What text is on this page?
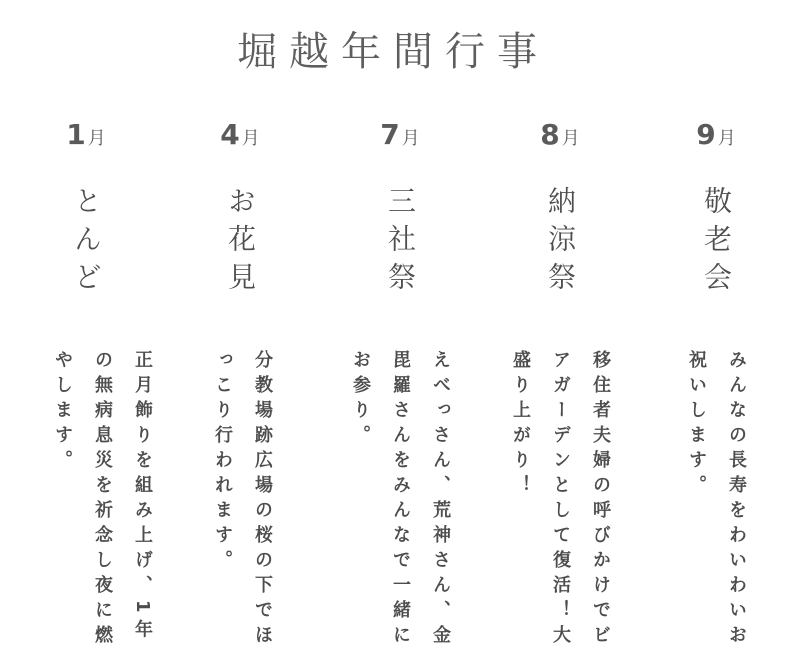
堀越年間行事
1 月
とんど
正月飾りを組み上げ、1年の無病息災を祈念し夜に燃やします。
4 月
お花見
分教場跡広場の桜の下でほっこり行われます。
7 月
三社祭
えべっさん、荒神さん、金毘羅さんをみんなで一緒にお参り。
8 月
納涼祭
移住者夫婦の呼びかけでビアガーデンとして復活！大盛り上がり！
9 月
敬老会
みんなの長寿をわいわいお祝いします。
